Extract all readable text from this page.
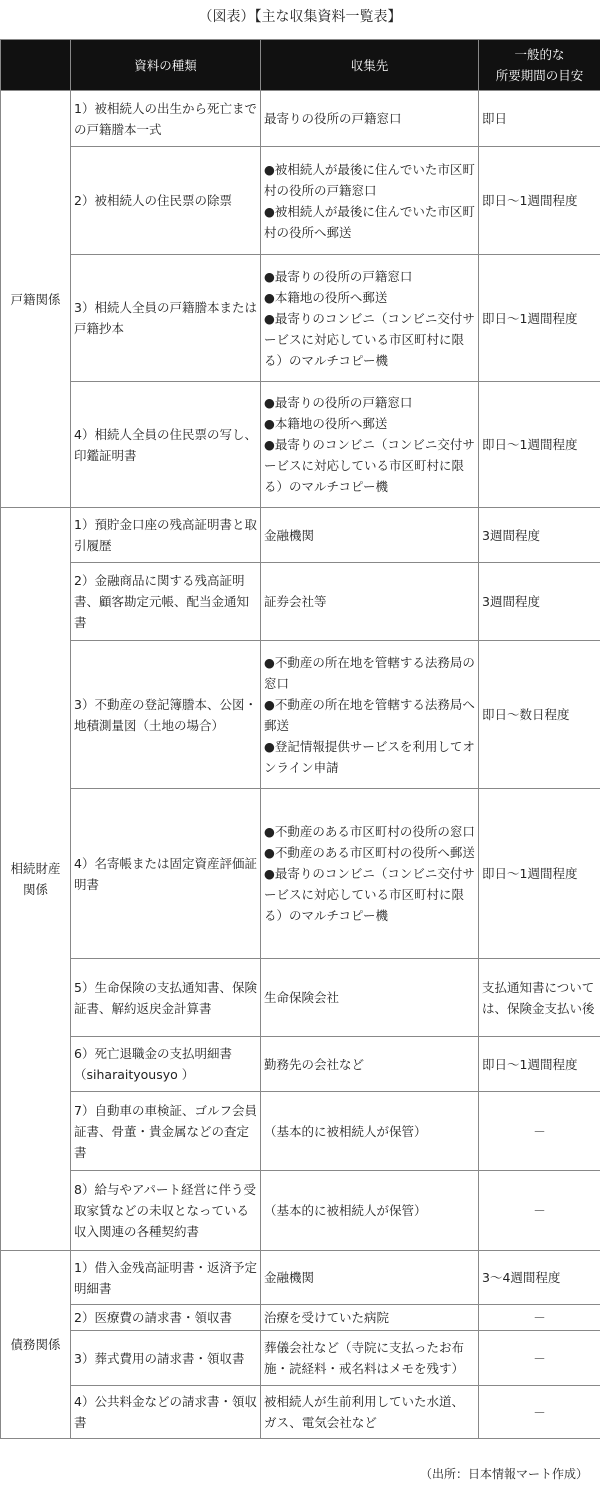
（図表）【主な収集資料一覧表】
	資料の種類	収集先	一般的な
所要期間の目安

戸籍関係	1）被相続人の出生から死亡までの戸籍謄本一式	最寄りの役所の戸籍窓口	即日
	2）被相続人の住民票の除票	●被相続人が最後に住んでいた市区町村の役所の戸籍窓口
●被相続人が最後に住んでいた市区町村の役所へ郵送	即日～1週間程度
	3）相続人全員の戸籍謄本または戸籍抄本	●最寄りの役所の戸籍窓口
●本籍地の役所へ郵送
●最寄りのコンビニ（コンビニ交付サービスに対応している市区町村に限る）のマルチコピー機	即日～1週間程度
	4）相続人全員の住民票の写し、印鑑証明書	●最寄りの役所の戸籍窓口
●本籍地の役所へ郵送
●最寄りのコンビニ（コンビニ交付サービスに対応している市区町村に限る）のマルチコピー機	即日～1週間程度
相続財産関係	1）預貯金口座の残高証明書と取引履歴	金融機関	3週間程度
	2）金融商品に関する残高証明書、顧客勘定元帳、配当金通知書	証券会社等	3週間程度
	3）不動産の登記簿謄本、公図・地積測量図（土地の場合）	●不動産の所在地を管轄する法務局の窓口
●不動産の所在地を管轄する法務局へ郵送
●登記情報提供サービスを利用してオンライン申請	即日～数日程度
	4）名寄帳または固定資産評価証明書	●不動産のある市区町村の役所の窓口
●不動産のある市区町村の役所へ郵送
●最寄りのコンビニ（コンビニ交付サービスに対応している市区町村に限る）のマルチコピー機	即日～1週間程度
	5）生命保険の支払通知書、保険証書、解約返戻金計算書	生命保険会社	支払通知書については、保険金支払い後
	6）死亡退職金の支払明細書（siharaityousyo ）	勤務先の会社など	即日～1週間程度
	7）自動車の車検証、ゴルフ会員証書、骨董・貴金属などの査定書	（基本的に被相続人が保管）	－
	8）給与やアパート経営に伴う受取家賃などの未収となっている収入関連の各種契約書	（基本的に被相続人が保管）	－
債務関係	1）借入金残高証明書・返済予定明細書	金融機関	3～4週間程度
	2）医療費の請求書・領収書	治療を受けていた病院	－
	3）葬式費用の請求書・領収書	葬儀会社など（寺院に支払ったお布施・読経料・戒名料はメモを残す）	－
	4）公共料金などの請求書・領収書	被相続人が生前利用していた水道、ガス、電気会社など	－
（出所：日本情報マート作成）
